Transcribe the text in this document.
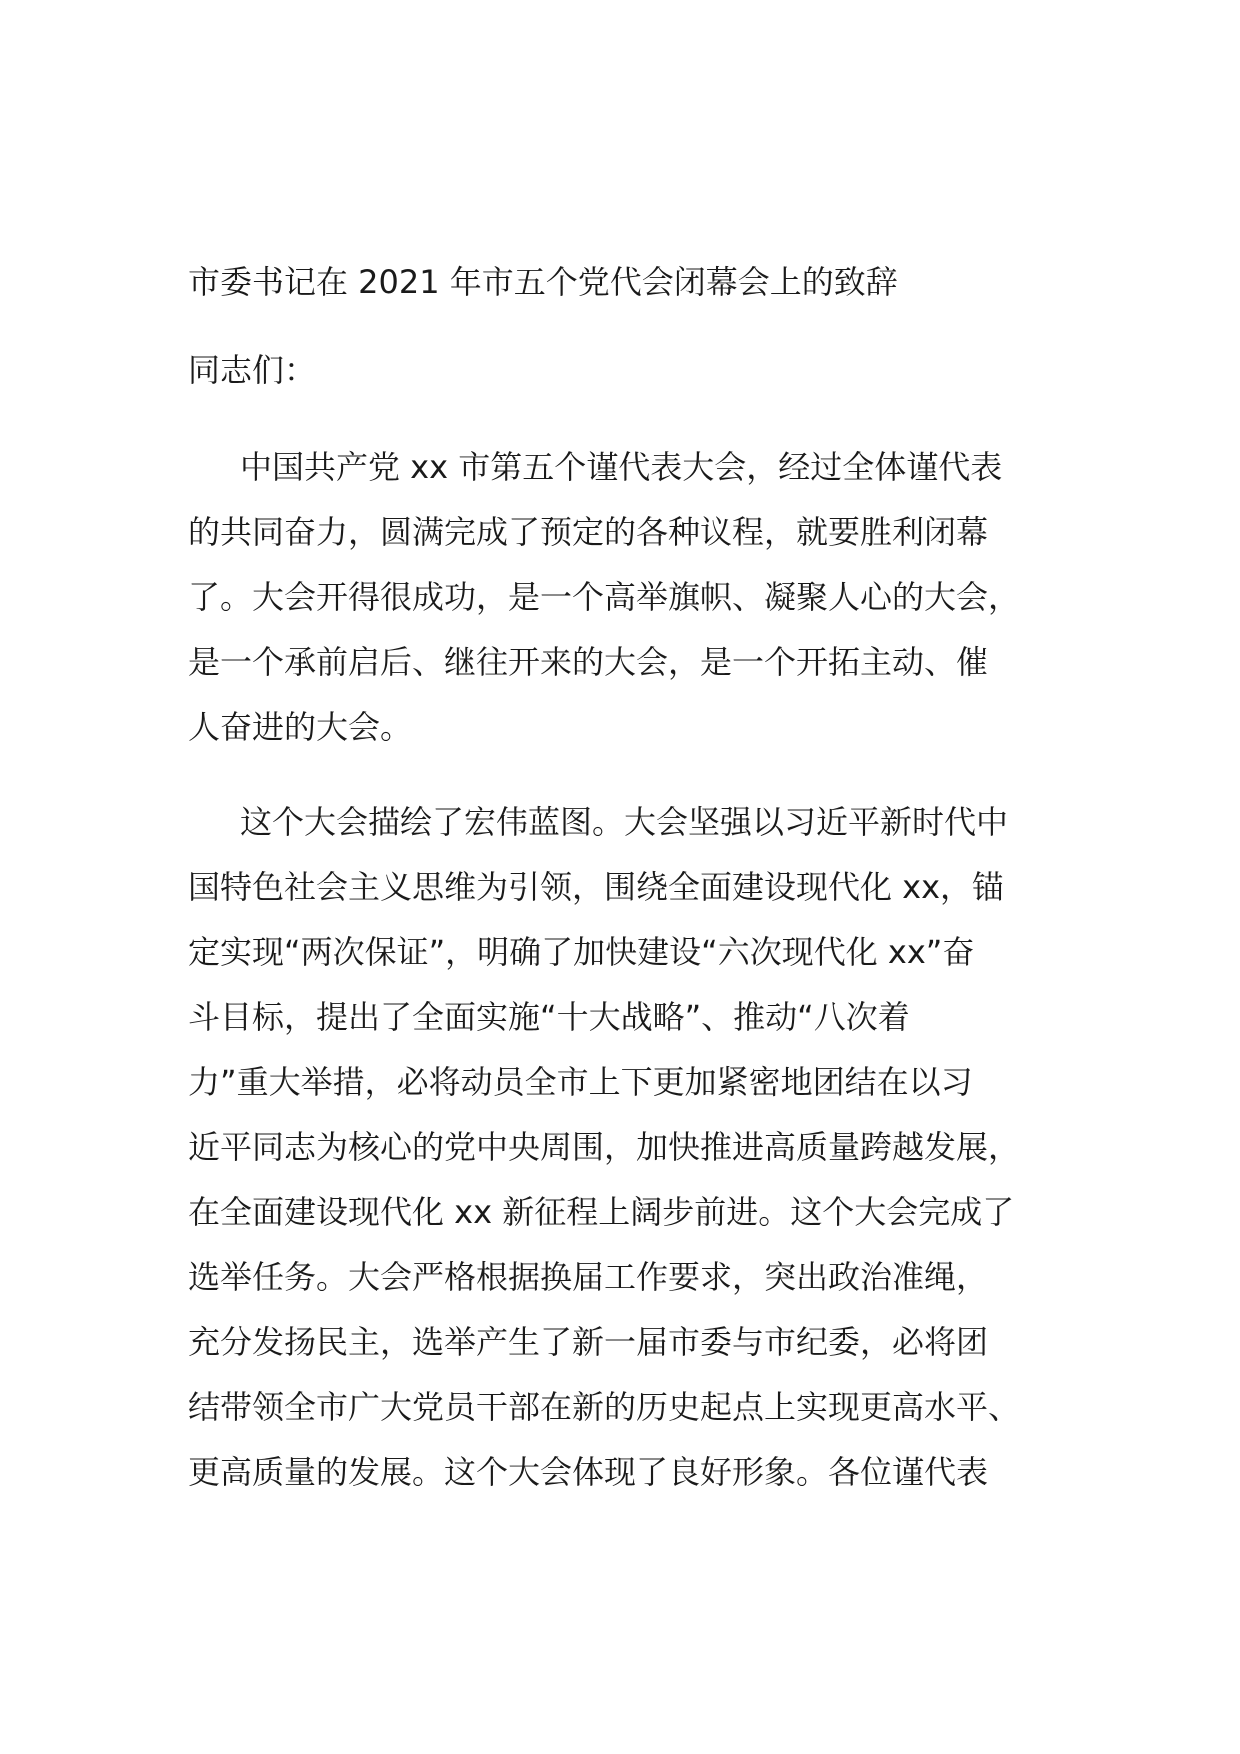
市委书记在 2021 年市五个党代会闭幕会上的致辞
同志们：
中国共产党 xx 市第五个谨代表大会，经过全体谨代表
的共同奋力，圆满完成了预定的各种议程，就要胜利闭幕
了。大会开得很成功，是一个高举旗帜、凝聚人心的大会，
是一个承前启后、继往开来的大会，是一个开拓主动、催
人奋进的大会。
这个大会描绘了宏伟蓝图。大会坚强以习近平新时代中
国特色社会主义思维为引领，围绕全面建设现代化 xx，锚
定实现“两次保证”，明确了加快建设“六次现代化 xx”奋
斗目标，提出了全面实施“十大战略”、推动“八次着
力”重大举措，必将动员全市上下更加紧密地团结在以习
近平同志为核心的党中央周围，加快推进高质量跨越发展，
在全面建设现代化 xx 新征程上阔步前进。这个大会完成了
选举任务。大会严格根据换届工作要求，突出政治准绳，
充分发扬民主，选举产生了新一届市委与市纪委，必将团
结带领全市广大党员干部在新的历史起点上实现更高水平、
更高质量的发展。这个大会体现了良好形象。各位谨代表
